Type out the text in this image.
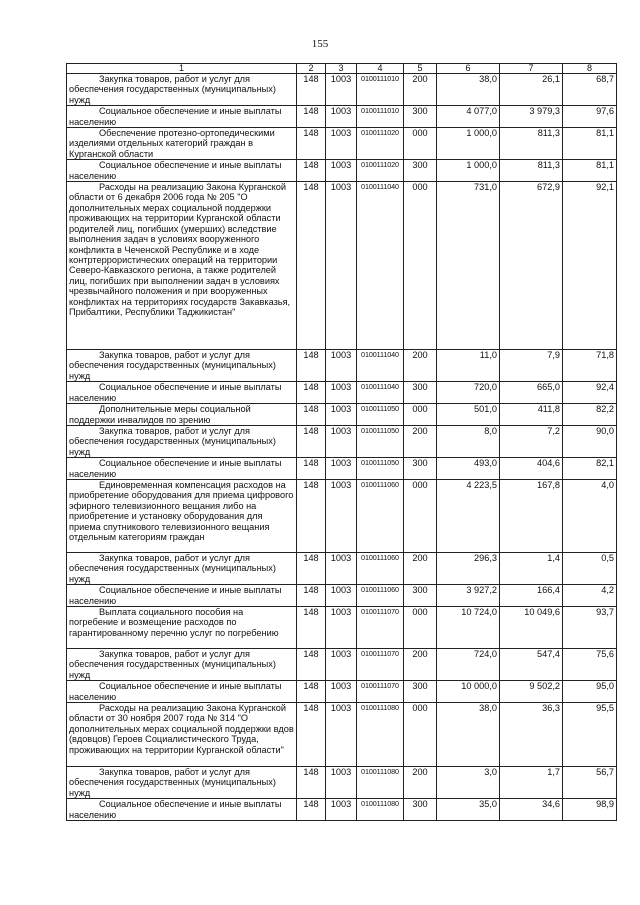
155
1	2	3	4	5	6	7	8
Закупка товаров, работ и услуг для обеспечения государственных (муниципальных) нужд	148	1003	0100111010	200	38,0	26,1	68,7
Социальное обеспечение и иные выплаты населению	148	1003	0100111010	300	4 077,0	3 979,3	97,6
Обеспечение протезно-ортопедическими изделиями отдельных категорий граждан в Курганской области	148	1003	0100111020	000	1 000,0	811,3	81,1
Социальное обеспечение и иные выплаты населению	148	1003	0100111020	300	1 000,0	811,3	81,1
Расходы на реализацию Закона Курганской области от 6 декабря 2006 года № 205 "О дополнительных мерах социальной поддержки проживающих на территории Курганской области родителей лиц, погибших (умерших) вследствие выполнения задач в условиях вооруженного конфликта в Чеченской Республике и в ходе контртеррористических операций на территории Северо-Кавказского региона, а также родителей лиц, погибших при выполнении задач в условиях чрезвычайного положения и при вооруженных конфликтах на территориях государств Закавказья, Прибалтики, Республики Таджикистан"	148	1003	0100111040	000	731,0	672,9	92,1
Закупка товаров, работ и услуг для обеспечения государственных (муниципальных) нужд	148	1003	0100111040	200	11,0	7,9	71,8
Социальное обеспечение и иные выплаты населению	148	1003	0100111040	300	720,0	665,0	92,4
Дополнительные меры социальной поддержки инвалидов по зрению	148	1003	0100111050	000	501,0	411,8	82,2
Закупка товаров, работ и услуг для обеспечения государственных (муниципальных) нужд	148	1003	0100111050	200	8,0	7,2	90,0
Социальное обеспечение и иные выплаты населению	148	1003	0100111050	300	493,0	404,6	82,1
Единовременная компенсация расходов на приобретение оборудования для приема цифрового эфирного телевизионного вещания либо на приобретение и установку оборудования для приема спутникового телевизионного вещания отдельным категориям граждан	148	1003	0100111060	000	4 223,5	167,8	4,0
Закупка товаров, работ и услуг для обеспечения государственных (муниципальных) нужд	148	1003	0100111060	200	296,3	1,4	0,5
Социальное обеспечение и иные выплаты населению	148	1003	0100111060	300	3 927,2	166,4	4,2
Выплата социального пособия на погребение и возмещение расходов по гарантированному перечню услуг по погребению	148	1003	0100111070	000	10 724,0	10 049,6	93,7
Закупка товаров, работ и услуг для обеспечения государственных (муниципальных) нужд	148	1003	0100111070	200	724,0	547,4	75,6
Социальное обеспечение и иные выплаты населению	148	1003	0100111070	300	10 000,0	9 502,2	95,0
Расходы на реализацию Закона Курганской области от 30 ноября 2007 года № 314 "О дополнительных мерах социальной поддержки вдов (вдовцов) Героев Социалистического Труда, проживающих на территории Курганской области"	148	1003	0100111080	000	38,0	36,3	95,5
Закупка товаров, работ и услуг для обеспечения государственных (муниципальных) нужд	148	1003	0100111080	200	3,0	1,7	56,7
Социальное обеспечение и иные выплаты населению	148	1003	0100111080	300	35,0	34,6	98,9
